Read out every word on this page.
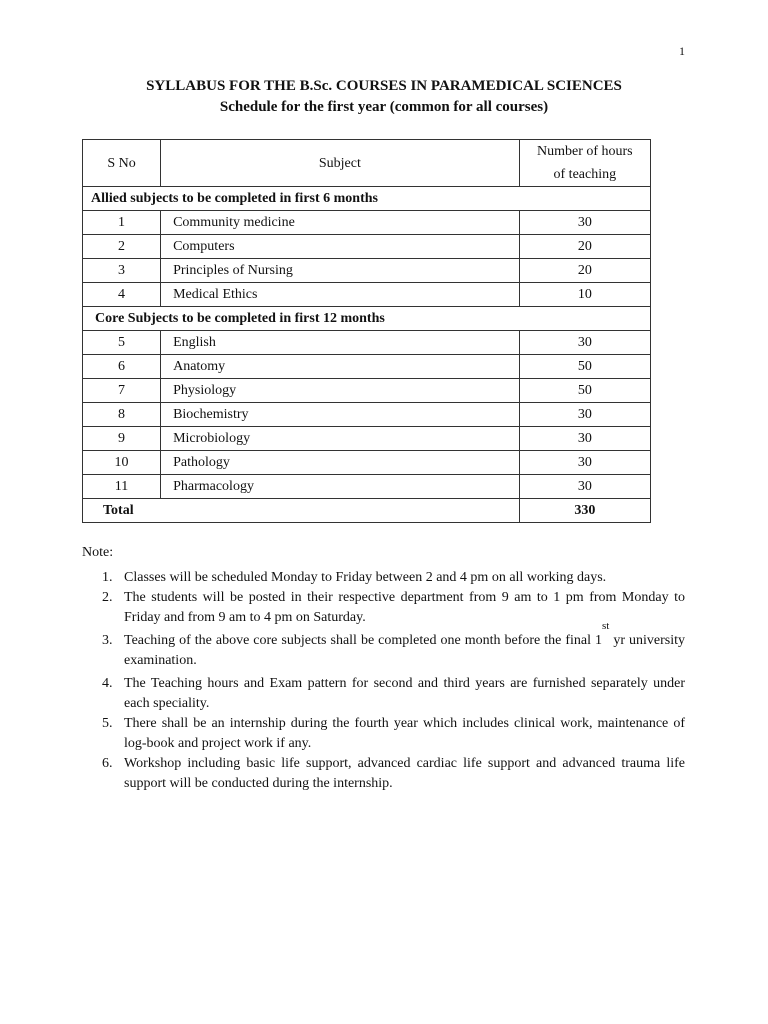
1
SYLLABUS FOR THE B.Sc. COURSES IN PARAMEDICAL SCIENCES
Schedule for the first year (common for all courses)
S No	Subject	Number of hours
of teaching
Allied subjects to be completed in first 6 months		
1	Community medicine	30
2	Computers	20
3	Principles of Nursing	20
4	Medical Ethics	10
Core Subjects to be completed in first 12 months		
5	English	30
6	Anatomy	50
7	Physiology	50
8	Biochemistry	30
9	Microbiology	30
10	Pathology	30
11	Pharmacology	30
Total		330
Note:
1. Classes will be scheduled Monday to Friday between 2 and 4 pm on all working days.
2. The students will be posted in their respective department from 9 am to 1 pm from Monday to Friday and from 9 am to 4 pm on Saturday.
3. Teaching of the above core subjects shall be completed one month before the final 1st yr university examination.
4. The Teaching hours and Exam pattern for second and third years are furnished separately under each speciality.
5. There shall be an internship during the fourth year which includes clinical work, maintenance of log-book and project work if any.
6. Workshop including basic life support, advanced cardiac life support and advanced trauma life support will be conducted during the internship.
